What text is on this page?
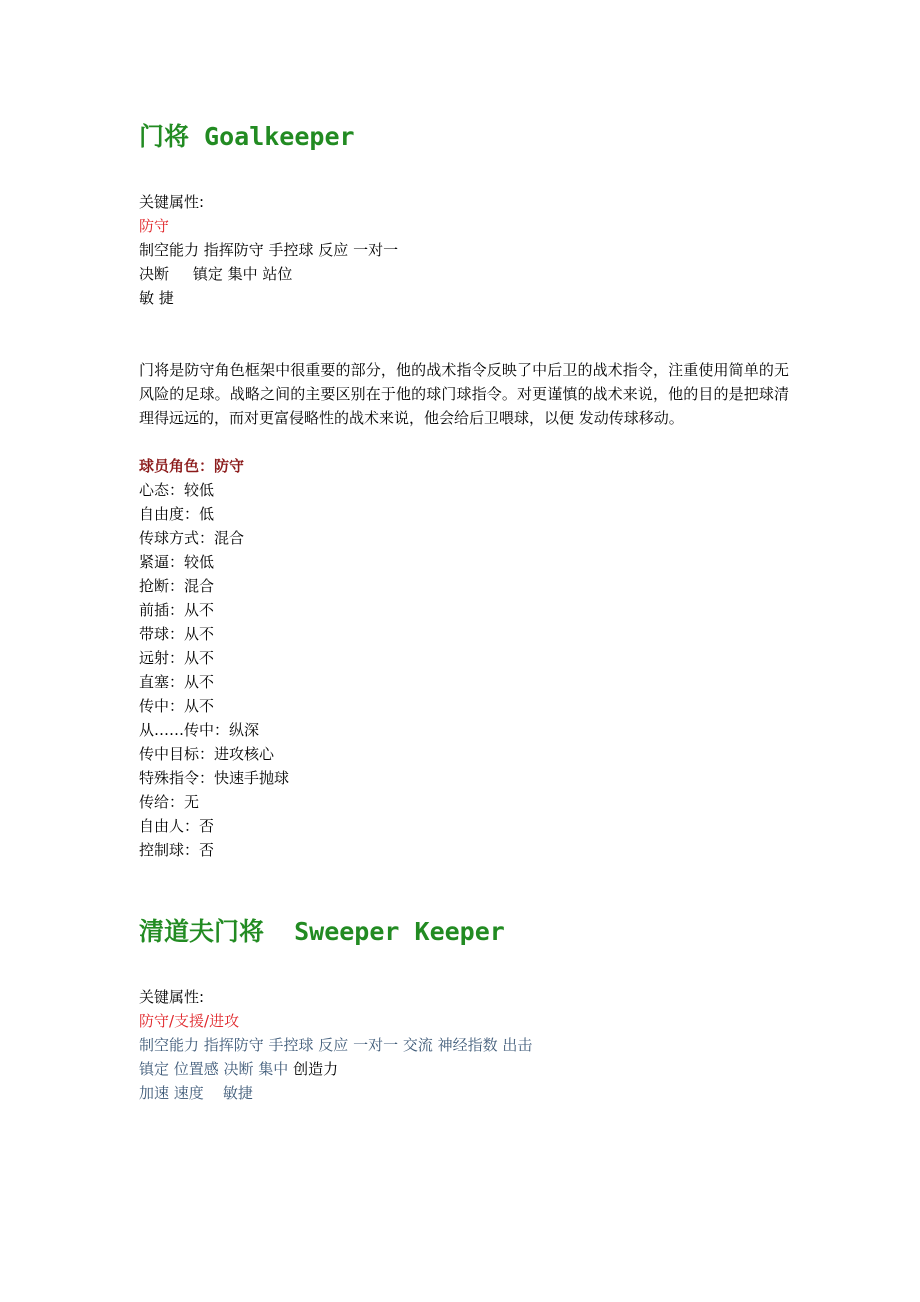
门将 Goalkeeper

关键属性:

防守

制空能力 指挥防守 手控球 反应 一对一

决断     镇定 集中 站位

敏 捷

门将是防守角色框架中很重要的部分，他的战术指令反映了中后卫的战术指令，注重使用简单的无 风险的足球。战略之间的主要区别在于他的球门球指令。对更谨慎的战术来说，他的目的是把球清理得远远的，而对更富侵略性的战术来说，他会给后卫喂球，以便 发动传球移动。

球员角色：防守

心态：较低

自由度：低

传球方式：混合

紧逼：较低

抢断：混合

前插：从不

带球：从不

远射：从不

直塞：从不

传中：从不

从……传中：纵深

传中目标：进攻核心

特殊指令：快速手抛球

传给：无

自由人：否

控制球：否

清道夫门将  Sweeper Keeper

关键属性:

防守/支援/进攻

制空能力 指挥防守 手控球 反应 一对一 交流 神经指数 出击

镇定 位置感 决断 集中 创造力

加速 速度    敏捷
